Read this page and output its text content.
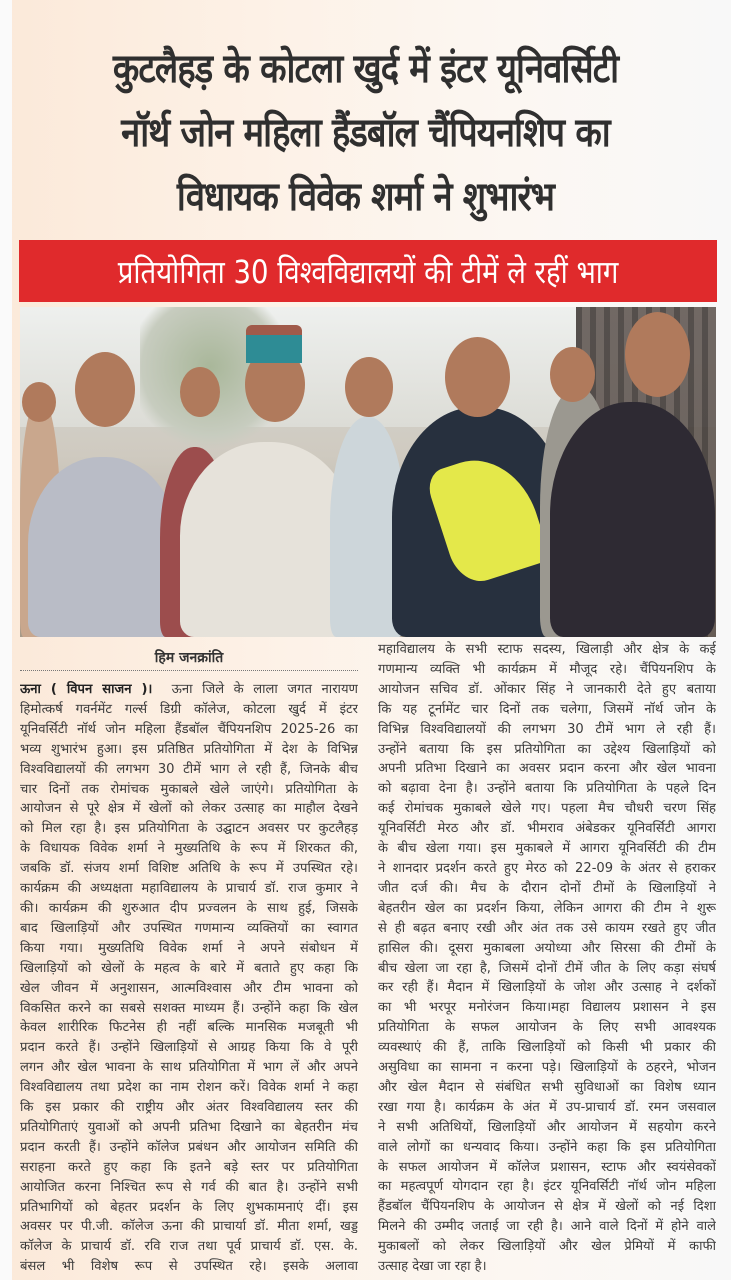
कुटलैहड़ के कोटला खुर्द में इंटर यूनिवर्सिटी
नॉर्थ जोन महिला हैंडबॉल चैंपियनशिप का
विधायक विवेक शर्मा ने शुभारंभ
प्रतियोगिता 30 विश्वविद्यालयों की टीमें ले रहीं भाग
हिम जनक्रांति
ऊना ( विपन साजन )। ऊना जिले के लाला जगत नारायण
हिमोत्कर्ष गवर्नमेंट गर्ल्स डिग्री कॉलेज, कोटला खुर्द में इंटर
यूनिवर्सिटी नॉर्थ जोन महिला हैंडबॉल चैंपियनशिप 2025-26 का
भव्य शुभारंभ हुआ। इस प्रतिष्ठित प्रतियोगिता में देश के विभिन्न
विश्वविद्यालयों की लगभग 30 टीमें भाग ले रही हैं, जिनके बीच
चार दिनों तक रोमांचक मुकाबले खेले जाएंगे। प्रतियोगिता के
आयोजन से पूरे क्षेत्र में खेलों को लेकर उत्साह का माहौल देखने
को मिल रहा है। इस प्रतियोगिता के उद्घाटन अवसर पर कुटलैहड़
के विधायक विवेक शर्मा ने मुख्यतिथि के रूप में शिरकत की,
जबकि डॉ. संजय शर्मा विशिष्ट अतिथि के रूप में उपस्थित रहे।
कार्यक्रम की अध्यक्षता महाविद्यालय के प्राचार्य डॉ. राज कुमार ने
की। कार्यक्रम की शुरुआत दीप प्रज्वलन के साथ हुई, जिसके
बाद खिलाड़ियों और उपस्थित गणमान्य व्यक्तियों का स्वागत
किया गया। मुख्यतिथि विवेक शर्मा ने अपने संबोधन में
खिलाड़ियों को खेलों के महत्व के बारे में बताते हुए कहा कि
खेल जीवन में अनुशासन, आत्मविश्वास और टीम भावना को
विकसित करने का सबसे सशक्त माध्यम हैं। उन्होंने कहा कि खेल
केवल शारीरिक फिटनेस ही नहीं बल्कि मानसिक मजबूती भी
प्रदान करते हैं। उन्होंने खिलाड़ियों से आग्रह किया कि वे पूरी
लगन और खेल भावना के साथ प्रतियोगिता में भाग लें और अपने
विश्वविद्यालय तथा प्रदेश का नाम रोशन करें। विवेक शर्मा ने कहा
कि इस प्रकार की राष्ट्रीय और अंतर विश्वविद्यालय स्तर की
प्रतियोगिताएं युवाओं को अपनी प्रतिभा दिखाने का बेहतरीन मंच
प्रदान करती हैं। उन्होंने कॉलेज प्रबंधन और आयोजन समिति की
सराहना करते हुए कहा कि इतने बड़े स्तर पर प्रतियोगिता
आयोजित करना निश्चित रूप से गर्व की बात है। उन्होंने सभी
प्रतिभागियों को बेहतर प्रदर्शन के लिए शुभकामनाएं दीं। इस
अवसर पर पी.जी. कॉलेज ऊना की प्राचार्या डॉ. मीता शर्मा, खड्ड
कॉलेज के प्राचार्य डॉ. रवि राज तथा पूर्व प्राचार्य डॉ. एस. के.
बंसल भी विशेष रूप से उपस्थित रहे। इसके अलावा
महाविद्यालय के सभी स्टाफ सदस्य, खिलाड़ी और क्षेत्र के कई
गणमान्य व्यक्ति भी कार्यक्रम में मौजूद रहे। चैंपियनशिप के
आयोजन सचिव डॉ. ओंकार सिंह ने जानकारी देते हुए बताया
कि यह टूर्नामेंट चार दिनों तक चलेगा, जिसमें नॉर्थ जोन के
विभिन्न विश्वविद्यालयों की लगभग 30 टीमें भाग ले रही हैं।
उन्होंने बताया कि इस प्रतियोगिता का उद्देश्य खिलाड़ियों को
अपनी प्रतिभा दिखाने का अवसर प्रदान करना और खेल भावना
को बढ़ावा देना है। उन्होंने बताया कि प्रतियोगिता के पहले दिन
कई रोमांचक मुकाबले खेले गए। पहला मैच चौधरी चरण सिंह
यूनिवर्सिटी मेरठ और डॉ. भीमराव अंबेडकर यूनिवर्सिटी आगरा
के बीच खेला गया। इस मुकाबले में आगरा यूनिवर्सिटी की टीम
ने शानदार प्रदर्शन करते हुए मेरठ को 22-09 के अंतर से हराकर
जीत दर्ज की। मैच के दौरान दोनों टीमों के खिलाड़ियों ने
बेहतरीन खेल का प्रदर्शन किया, लेकिन आगरा की टीम ने शुरू
से ही बढ़त बनाए रखी और अंत तक उसे कायम रखते हुए जीत
हासिल की। दूसरा मुकाबला अयोध्या और सिरसा की टीमों के
बीच खेला जा रहा है, जिसमें दोनों टीमें जीत के लिए कड़ा संघर्ष
कर रही हैं। मैदान में खिलाड़ियों के जोश और उत्साह ने दर्शकों
का भी भरपूर मनोरंजन किया।महा विद्यालय प्रशासन ने इस
प्रतियोगिता के सफल आयोजन के लिए सभी आवश्यक
व्यवस्थाएं की हैं, ताकि खिलाड़ियों को किसी भी प्रकार की
असुविधा का सामना न करना पड़े। खिलाड़ियों के ठहरने, भोजन
और खेल मैदान से संबंधित सभी सुविधाओं का विशेष ध्यान
रखा गया है। कार्यक्रम के अंत में उप-प्राचार्य डॉ. रमन जसवाल
ने सभी अतिथियों, खिलाड़ियों और आयोजन में सहयोग करने
वाले लोगों का धन्यवाद किया। उन्होंने कहा कि इस प्रतियोगिता
के सफल आयोजन में कॉलेज प्रशासन, स्टाफ और स्वयंसेवकों
का महत्वपूर्ण योगदान रहा है। इंटर यूनिवर्सिटी नॉर्थ जोन महिला
हैंडबॉल चैंपियनशिप के आयोजन से क्षेत्र में खेलों को नई दिशा
मिलने की उम्मीद जताई जा रही है। आने वाले दिनों में होने वाले
मुकाबलों को लेकर खिलाड़ियों और खेल प्रेमियों में काफी
उत्साह देखा जा रहा है।
